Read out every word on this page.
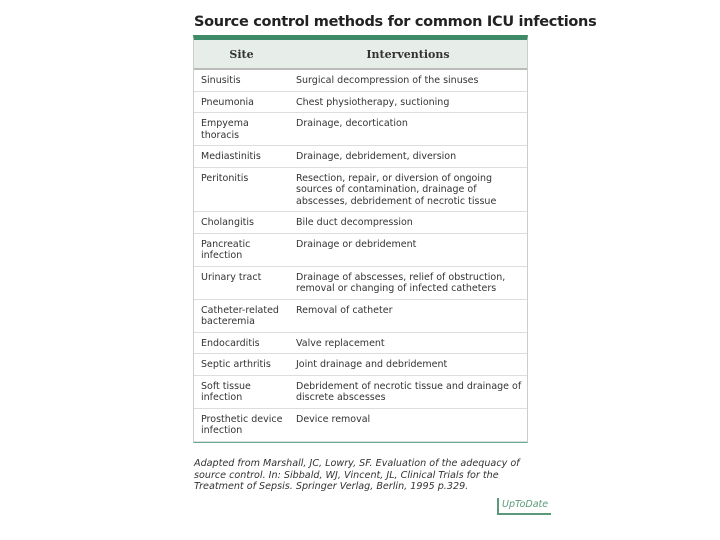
Source control methods for common ICU infections
Site	Interventions
Sinusitis	Surgical decompression of the sinuses
Pneumonia	Chest physiotherapy, suctioning
Empyema thoracis	Drainage, decortication
Mediastinitis	Drainage, debridement, diversion
Peritonitis	Resection, repair, or diversion of ongoing sources of contamination, drainage of abscesses, debridement of necrotic tissue
Cholangitis	Bile duct decompression
Pancreatic infection	Drainage or debridement
Urinary tract	Drainage of abscesses, relief of obstruction, removal or changing of infected catheters
Catheter-related bacteremia	Removal of catheter
Endocarditis	Valve replacement
Septic arthritis	Joint drainage and debridement
Soft tissue infection	Debridement of necrotic tissue and drainage of discrete abscesses
Prosthetic device infection	Device removal
Adapted from Marshall, JC, Lowry, SF. Evaluation of the adequacy of source control. In: Sibbald, WJ, Vincent, JL, Clinical Trials for the Treatment of Sepsis. Springer Verlag, Berlin, 1995 p.329.
UpToDate
